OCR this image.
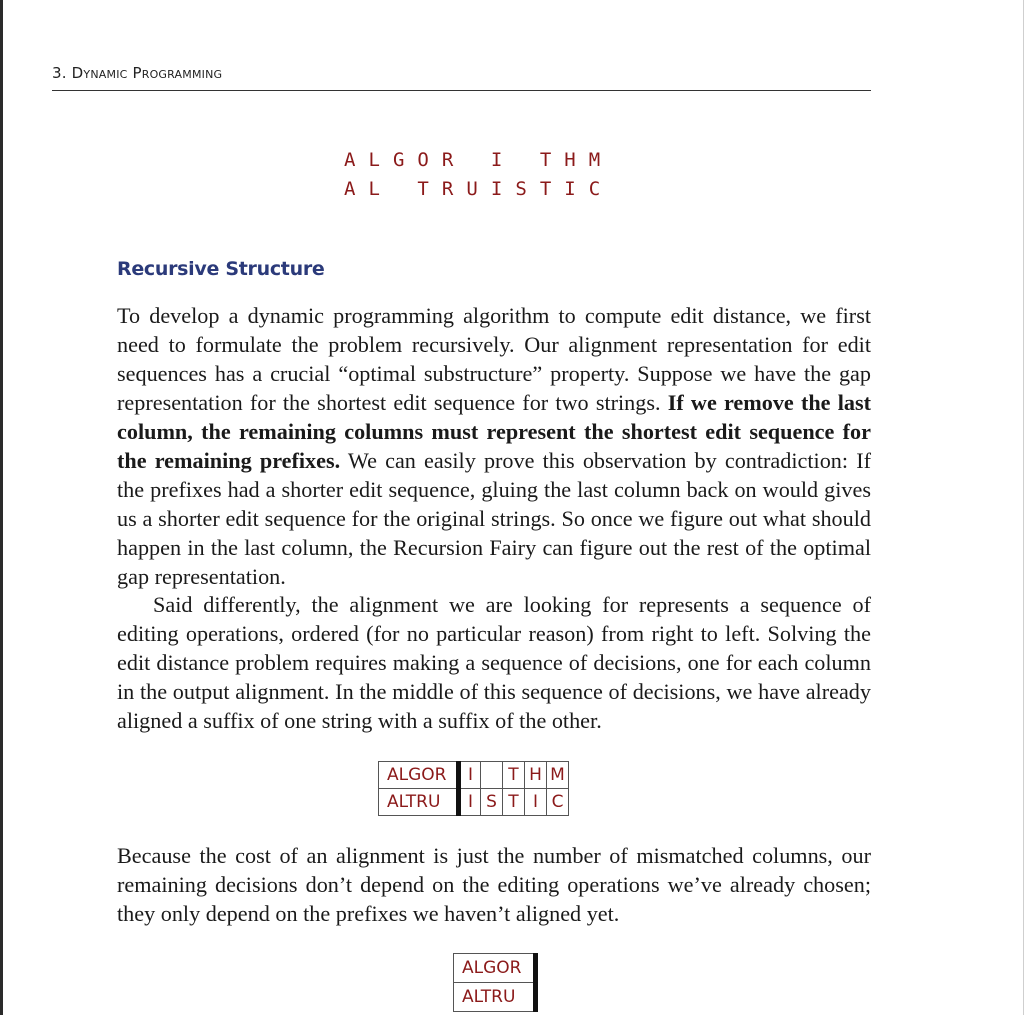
3. Dynamic Programming
A L G O R   I   T H M
A L   T R U I S T I C
Recursive Structure

To develop a dynamic programming algorithm to compute edit distance, we first need to formulate the problem recursively. Our alignment representation for edit sequences has a crucial “optimal substructure” property. Suppose we have the gap representation for the shortest edit sequence for two strings. If we remove the last column, the remaining columns must represent the shortest edit sequence for the remaining prefixes. We can easily prove this observation by contradiction: If the prefixes had a shorter edit sequence, gluing the last column back on would gives us a shorter edit sequence for the original strings. So once we figure out what should happen in the last column, the Recursion Fairy can figure out the rest of the optimal gap representation.

Said differently, the alignment we are looking for represents a sequence of editing operations, ordered (for no particular reason) from right to left. Solving the edit distance problem requires making a sequence of decisions, one for each column in the output alignment. In the middle of this sequence of decisions, we have already aligned a suffix of one string with a suffix of the other.

ALGOR	I		T	H	M
ALTRU	I	S	T	I	C

Because the cost of an alignment is just the number of mismatched columns, our remaining decisions don’t depend on the editing operations we’ve already chosen; they only depend on the prefixes we haven’t aligned yet.

ALGOR
ALTRU
